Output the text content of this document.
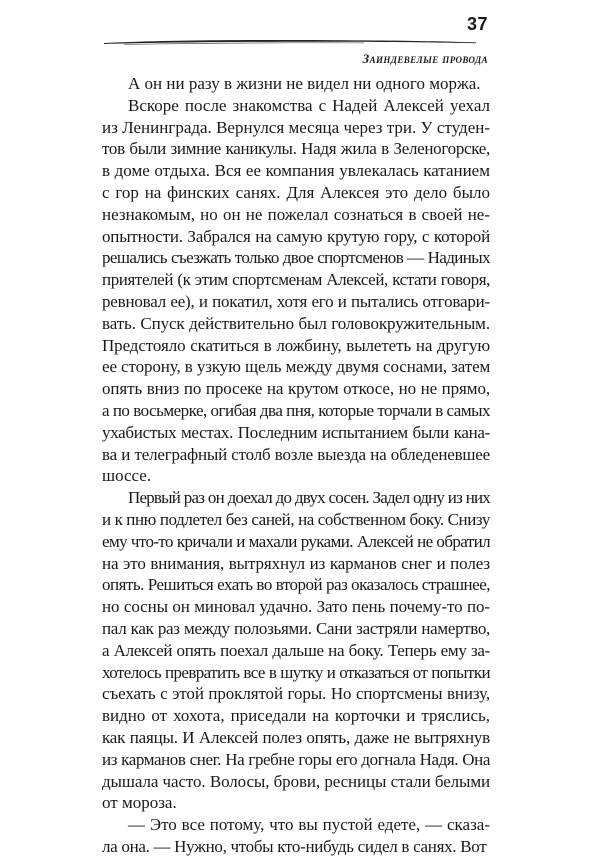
37
Заиндевелые провода
А он ни разу в жизни не видел ни одного моржа.
Вскоре после знакомства с Надей Алексей уехал
из Ленинграда. Вернулся месяца через три. У студен-
тов были зимние каникулы. Надя жила в Зеленогорске,
в доме отдыха. Вся ее компания увлекалась катанием
с гор на финских санях. Для Алексея это дело было
незнакомым, но он не пожелал сознаться в своей не-
опытности. Забрался на самую крутую гору, с которой
решались съезжать только двое спортсменов — Надиных
приятелей (к этим спортсменам Алексей, кстати говоря,
ревновал ее), и покатил, хотя его и пытались отговари-
вать. Спуск действительно был головокружительным.
Предстояло скатиться в ложбину, вылететь на другую
ее сторону, в узкую щель между двумя соснами, затем
опять вниз по просеке на крутом откосе, но не прямо,
а по восьмерке, огибая два пня, которые торчали в самых
ухабистых местах. Последним испытанием были кана-
ва и телеграфный столб возле выезда на обледеневшее
шоссе.
Первый раз он доехал до двух сосен. Задел одну из них
и к пню подлетел без саней, на собственном боку. Снизу
ему что-то кричали и махали руками. Алексей не обратил
на это внимания, вытряхнул из карманов снег и полез
опять. Решиться ехать во второй раз оказалось страшнее,
но сосны он миновал удачно. Зато пень почему-то по-
пал как раз между полозьями. Сани застряли намертво,
а Алексей опять поехал дальше на боку. Теперь ему за-
хотелось превратить все в шутку и отказаться от попытки
съехать с этой проклятой горы. Но спортсмены внизу,
видно от хохота, приседали на корточки и тряслись,
как паяцы. И Алексей полез опять, даже не вытряхнув
из карманов снег. На гребне горы его догнала Надя. Она
дышала часто. Волосы, брови, ресницы стали белыми
от мороза.
— Это все потому, что вы пустой едете, — сказа-
ла она. — Нужно, чтобы кто-нибудь сидел в санях. Вот
